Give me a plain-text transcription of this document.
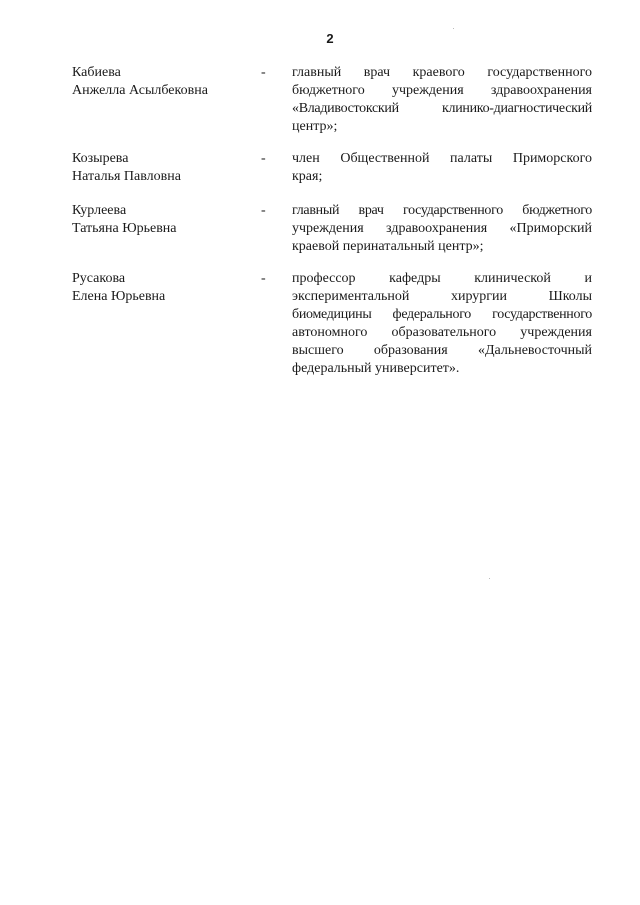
2
Кабиева
Анжелла Асылбековна
- главный врач краевого государственного
бюджетного учреждения здравоохранения
«Владивостокский клинико-диагностический
центр»;
Козырева
Наталья Павловна
- член Общественной палаты Приморского
края;
Курлеева
Татьяна Юрьевна
- главный врач государственного бюджетного
учреждения здравоохранения «Приморский
краевой перинатальный центр»;
Русакова
Елена Юрьевна
- профессор кафедры клинической и
экспериментальной хирургии Школы
биомедицины федерального государственного
автономного образовательного учреждения
высшего образования «Дальневосточный
федеральный университет».
